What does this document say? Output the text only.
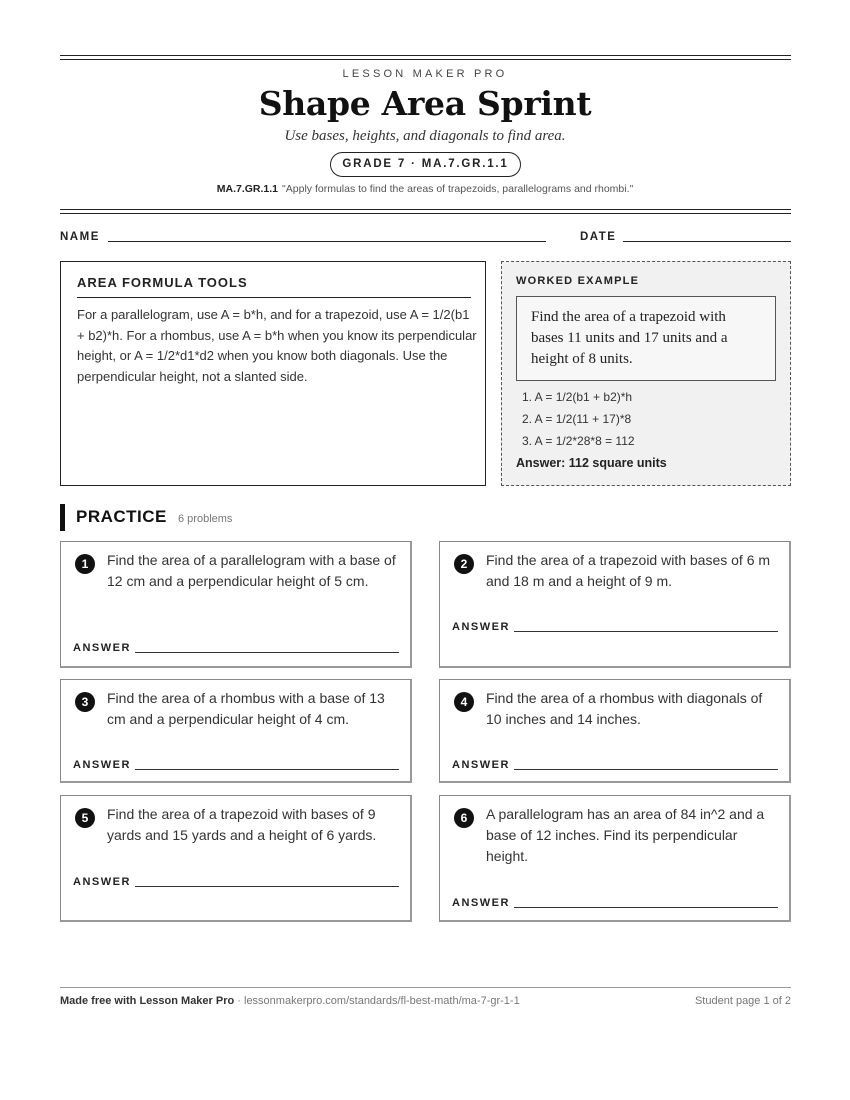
LESSON MAKER PRO
Shape Area Sprint
Use bases, heights, and diagonals to find area.
GRADE 7 · MA.7.GR.1.1
MA.7.GR.1.1 "Apply formulas to find the areas of trapezoids, parallelograms and rhombi."
NAME	DATE
AREA FORMULA TOOLS
For a parallelogram, use A = b*h, and for a trapezoid, use A = 1/2(b1 + b2)*h. For a rhombus, use A = b*h when you know its perpendicular height, or A = 1/2*d1*d2 when you know both diagonals. Use the perpendicular height, not a slanted side.
WORKED EXAMPLE
Find the area of a trapezoid with bases 11 units and 17 units and a height of 8 units.
1. A = 1/2(b1 + b2)*h
2. A = 1/2(11 + 17)*8
3. A = 1/2*28*8 = 112
Answer: 112 square units
PRACTICE 6 problems
1	Find the area of a parallelogram with a base of 12 cm and a perpendicular height of 5 cm.
ANSWER
2	Find the area of a trapezoid with bases of 6 m and 18 m and a height of 9 m.
ANSWER
3	Find the area of a rhombus with a base of 13 cm and a perpendicular height of 4 cm.
ANSWER
4	Find the area of a rhombus with diagonals of 10 inches and 14 inches.
ANSWER
5	Find the area of a trapezoid with bases of 9 yards and 15 yards and a height of 6 yards.
ANSWER
6	A parallelogram has an area of 84 in^2 and a base of 12 inches. Find its perpendicular height.
ANSWER
Made free with Lesson Maker Pro · lessonmakerpro.com/standards/fl-best-math/ma-7-gr-1-1	Student page 1 of 2
